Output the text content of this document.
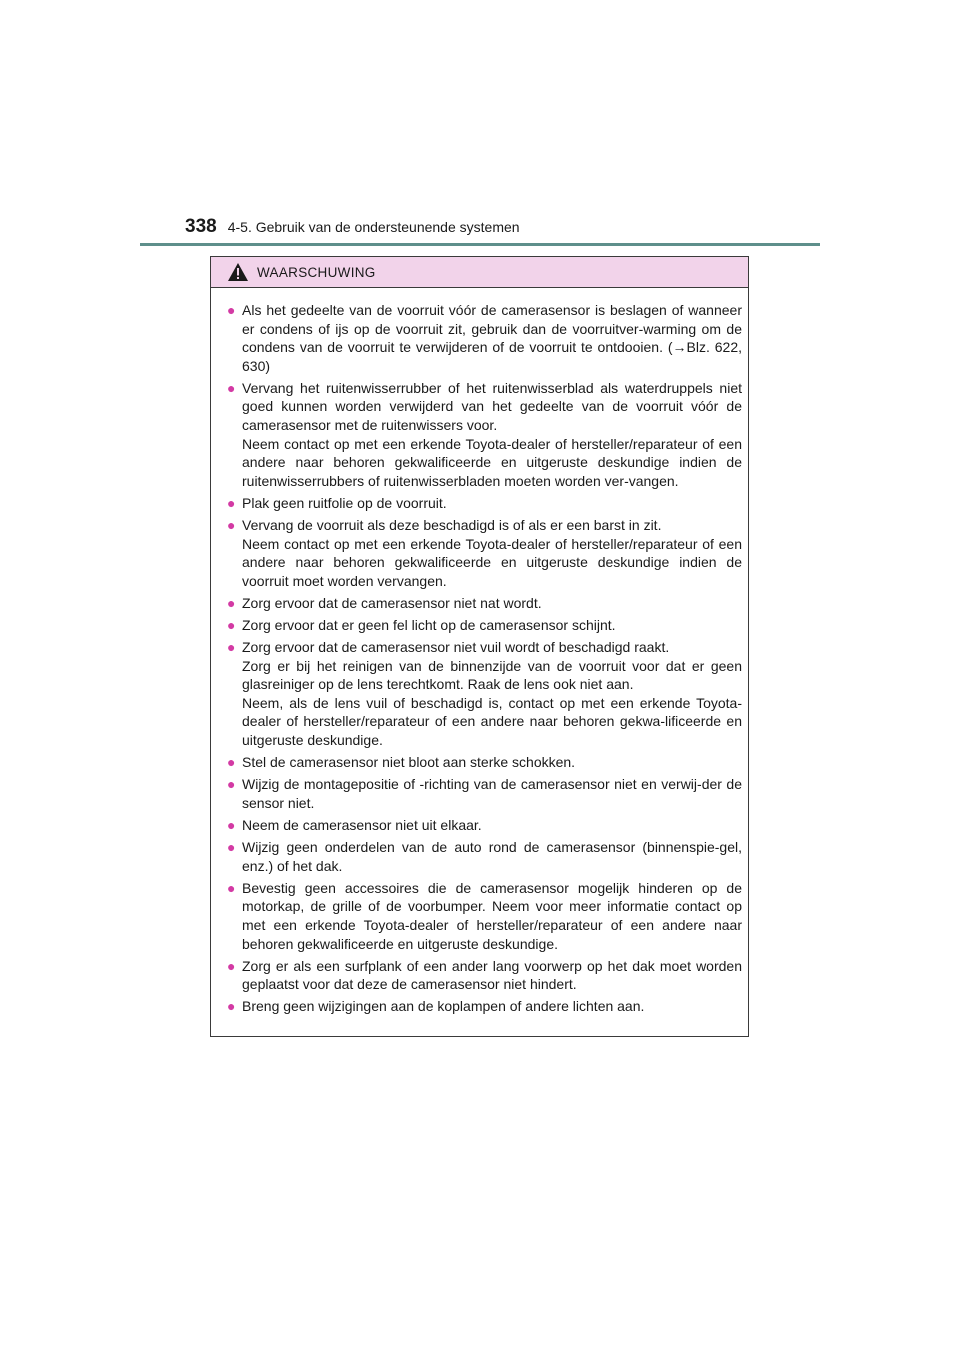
338 4-5. Gebruik van de ondersteunende systemen
WAARSCHUWING
● Als het gedeelte van de voorruit vóór de camerasensor is beslagen of wanneer er condens of ijs op de voorruit zit, gebruik dan de voorruitver-warming om de condens van de voorruit te verwijderen of de voorruit te ontdooien. (→Blz. 622, 630)

● Vervang het ruitenwisserrubber of het ruitenwisserblad als waterdruppels niet goed kunnen worden verwijderd van het gedeelte van de voorruit vóór de camerasensor met de ruitenwissers voor.

Neem contact op met een erkende Toyota-dealer of hersteller/reparateur of een andere naar behoren gekwalificeerde en uitgeruste deskundige indien de ruitenwisserrubbers of ruitenwisserbladen moeten worden ver-vangen.

● Plak geen ruitfolie op de voorruit.

● Vervang de voorruit als deze beschadigd is of als er een barst in zit.

Neem contact op met een erkende Toyota-dealer of hersteller/reparateur of een andere naar behoren gekwalificeerde en uitgeruste deskundige indien de voorruit moet worden vervangen.

● Zorg ervoor dat de camerasensor niet nat wordt.

● Zorg ervoor dat er geen fel licht op de camerasensor schijnt.

● Zorg ervoor dat de camerasensor niet vuil wordt of beschadigd raakt.

Zorg er bij het reinigen van de binnenzijde van de voorruit voor dat er geen glasreiniger op de lens terechtkomt. Raak de lens ook niet aan.

Neem, als de lens vuil of beschadigd is, contact op met een erkende Toyota-dealer of hersteller/reparateur of een andere naar behoren gekwa-lificeerde en uitgeruste deskundige.

● Stel de camerasensor niet bloot aan sterke schokken.

● Wijzig de montagepositie of -richting van de camerasensor niet en verwij-der de sensor niet.

● Neem de camerasensor niet uit elkaar.

● Wijzig geen onderdelen van de auto rond de camerasensor (binnenspie-gel, enz.) of het dak.

● Bevestig geen accessoires die de camerasensor mogelijk hinderen op de motorkap, de grille of de voorbumper. Neem voor meer informatie contact op met een erkende Toyota-dealer of hersteller/reparateur of een andere naar behoren gekwalificeerde en uitgeruste deskundige.

● Zorg er als een surfplank of een ander lang voorwerp op het dak moet worden geplaatst voor dat deze de camerasensor niet hindert.

● Breng geen wijzigingen aan de koplampen of andere lichten aan.
